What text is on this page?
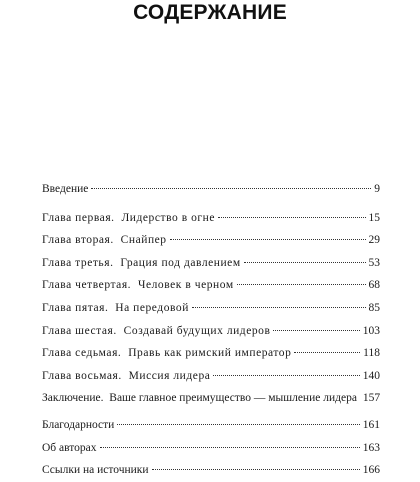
СОДЕРЖАНИЕ
Введение	9
Глава первая.  Лидерство в огне	15
Глава вторая.  Снайпер	29
Глава третья.  Грация под давлением	53
Глава четвертая.  Человек в черном	68
Глава пятая.  На передовой	85
Глава шестая.  Создавай будущих лидеров	103
Глава седьмая.  Правь как римский император	118
Глава восьмая.  Миссия лидера	140
Заключение.  Ваше главное преимущество — мышление лидера 157
Благодарности	161
Об авторах	163
Ссылки на источники	166
